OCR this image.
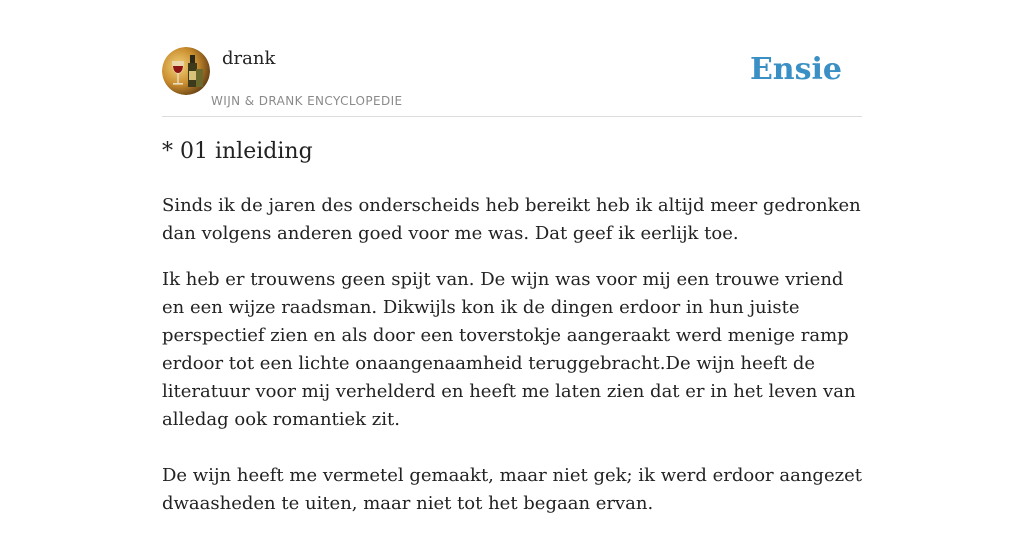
drank
WIJN & DRANK ENCYCLOPEDIE
Ensie
* 01 inleiding

Sinds ik de jaren des onderscheids heb bereikt heb ik altijd meer gedronken dan volgens anderen goed voor me was. Dat geef ik eerlijk toe.

Ik heb er trouwens geen spijt van. De wijn was voor mij een trouwe vriend en een wijze raadsman. Dikwijls kon ik de dingen erdoor in hun juiste perspectief zien en als door een toverstokje aangeraakt werd menige ramp erdoor tot een lichte onaangenaamheid teruggebracht.De wijn heeft de literatuur voor mij verhelderd en heeft me laten zien dat er in het leven van alledag ook romantiek zit.

De wijn heeft me vermetel gemaakt, maar niet gek; ik werd erdoor aangezet dwaasheden te uiten, maar niet tot het begaan ervan.
